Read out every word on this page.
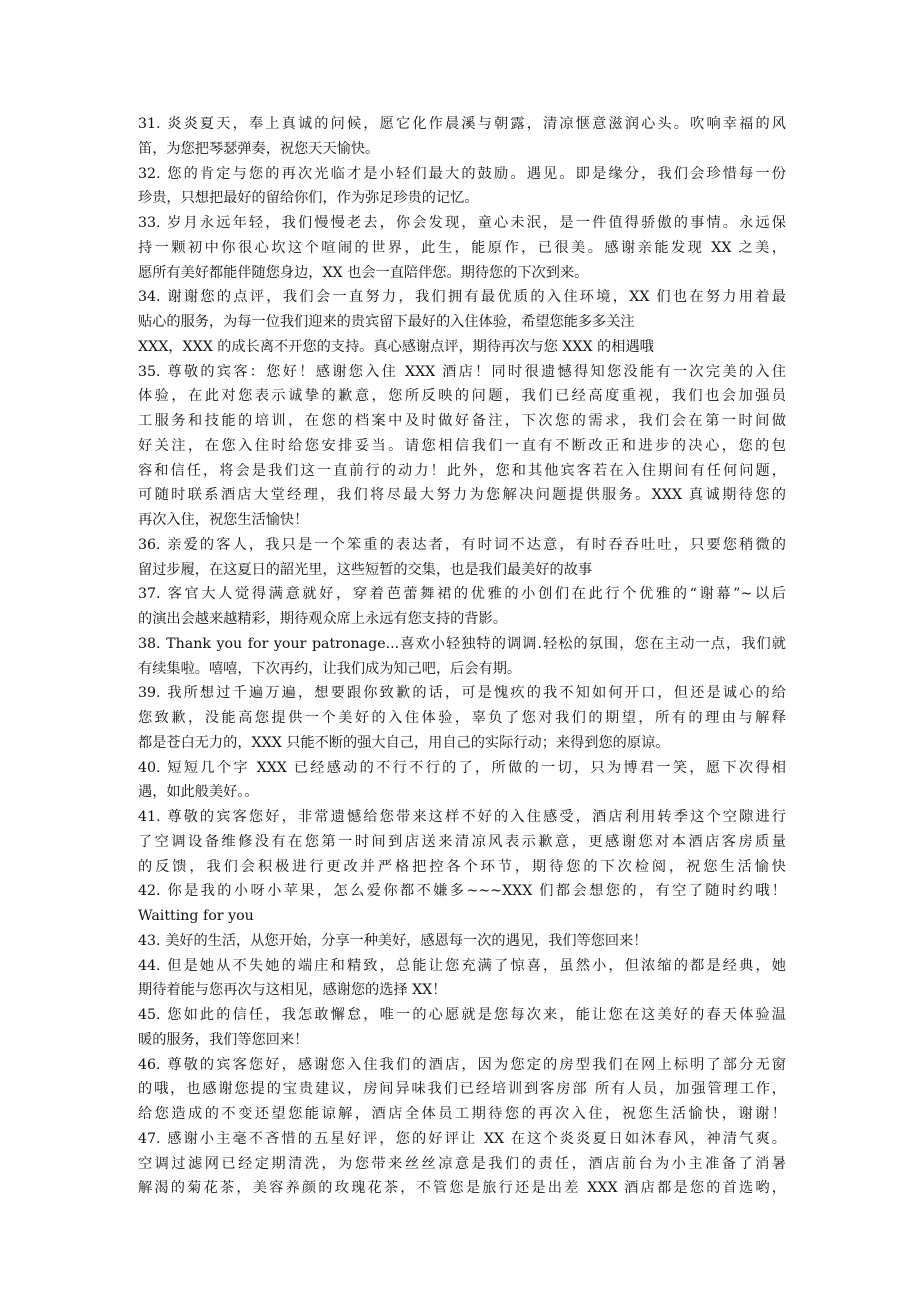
31. 炎炎夏天，奉上真诚的问候，愿它化作晨溪与朝露，清凉惬意滋润心头。吹响幸福的风
笛，为您把琴瑟弹奏，祝您天天愉快。
32. 您的肯定与您的再次光临才是小轻们最大的鼓励。遇见。即是缘分，我们会珍惜每一份
珍贵，只想把最好的留给你们，作为弥足珍贵的记忆。
33. 岁月永远年轻，我们慢慢老去，你会发现，童心未泯，是一件值得骄傲的事情。永远保
持一颗初中你很心坎这个喧闹的世界，此生，能原作，已很美。感谢亲能发现 XX 之美，
愿所有美好都能伴随您身边，XX 也会一直陪伴您。期待您的下次到来。
34. 谢谢您的点评，我们会一直努力，我们拥有最优质的入住环境，XX 们也在努力用着最
贴心的服务，为每一位我们迎来的贵宾留下最好的入住体验，希望您能多多关注
XXX，XXX 的成长离不开您的支持。真心感谢点评，期待再次与您 XXX 的相遇哦
35. 尊敬的宾客：您好！感谢您入住 XXX 酒店！同时很遗憾得知您没能有一次完美的入住
体验，在此对您表示诚挚的歉意，您所反映的问题，我们已经高度重视，我们也会加强员
工服务和技能的培训，在您的档案中及时做好备注，下次您的需求，我们会在第一时间做
好关注，在您入住时给您安排妥当。请您相信我们一直有不断改正和进步的决心，您的包
容和信任，将会是我们这一直前行的动力！此外，您和其他宾客若在入住期间有任何问题，
可随时联系酒店大堂经理，我们将尽最大努力为您解决问题提供服务。XXX 真诚期待您的
再次入住，祝您生活愉快！
36. 亲爱的客人，我只是一个笨重的表达者，有时词不达意，有时吞吞吐吐，只要您稍微的
留过步履，在这夏日的韶光里，这些短暂的交集，也是我们最美好的故事
37. 客官大人觉得满意就好，穿着芭蕾舞裙的优雅的小创们在此行个优雅的“谢幕”~以后
的演出会越来越精彩，期待观众席上永远有您支持的背影。
38. Thank you for your patronage...喜欢小轻独特的调调.轻松的氛围，您在主动一点，我们就
有续集啦。嘻嘻，下次再约，让我们成为知己吧，后会有期。
39. 我所想过千遍万遍，想要跟你致歉的话，可是愧疚的我不知如何开口，但还是诚心的给
您致歉，没能高您提供一个美好的入住体验，辜负了您对我们的期望，所有的理由与解释
都是苍白无力的，XXX 只能不断的强大自己，用自己的实际行动；来得到您的原谅。
40. 短短几个字 XXX 已经感动的不行不行的了，所做的一切，只为博君一笑，愿下次得相
遇，如此般美好。。
41. 尊敬的宾客您好，非常遗憾给您带来这样不好的入住感受，酒店利用转季这个空隙进行
了空调设备维修没有在您第一时间到店送来清凉风表示歉意，更感谢您对本酒店客房质量
的反馈，我们会积极进行更改并严格把控各个环节，期待您的下次检阅，祝您生活愉快
42. 你是我的小呀小苹果，怎么爱你都不嫌多~~~XXX 们都会想您的，有空了随时约哦！
Waitting for you
43. 美好的生活，从您开始，分享一种美好，感恩每一次的遇见，我们等您回来！
44. 但是她从不失她的端庄和精致，总能让您充满了惊喜，虽然小，但浓缩的都是经典，她
期待着能与您再次与这相见，感谢您的选择 XX！
45. 您如此的信任，我怎敢懈怠，唯一的心愿就是您每次来，能让您在这美好的春天体验温
暖的服务，我们等您回来！
46. 尊敬的宾客您好，感谢您入住我们的酒店，因为您定的房型我们在网上标明了部分无窗
的哦，也感谢您提的宝贵建议，房间异味我们已经培训到客房部 所有人员，加强管理工作，
给您造成的不变还望您能谅解，酒店全体员工期待您的再次入住，祝您生活愉快，谢谢！
47. 感谢小主毫不吝惜的五星好评，您的好评让 XX 在这个炎炎夏日如沐春风，神清气爽。
空调过滤网已经定期清洗，为您带来丝丝凉意是我们的责任，酒店前台为小主准备了消暑
解渴的菊花茶，美容养颜的玫瑰花茶，不管您是旅行还是出差 XXX 酒店都是您的首选哟，
